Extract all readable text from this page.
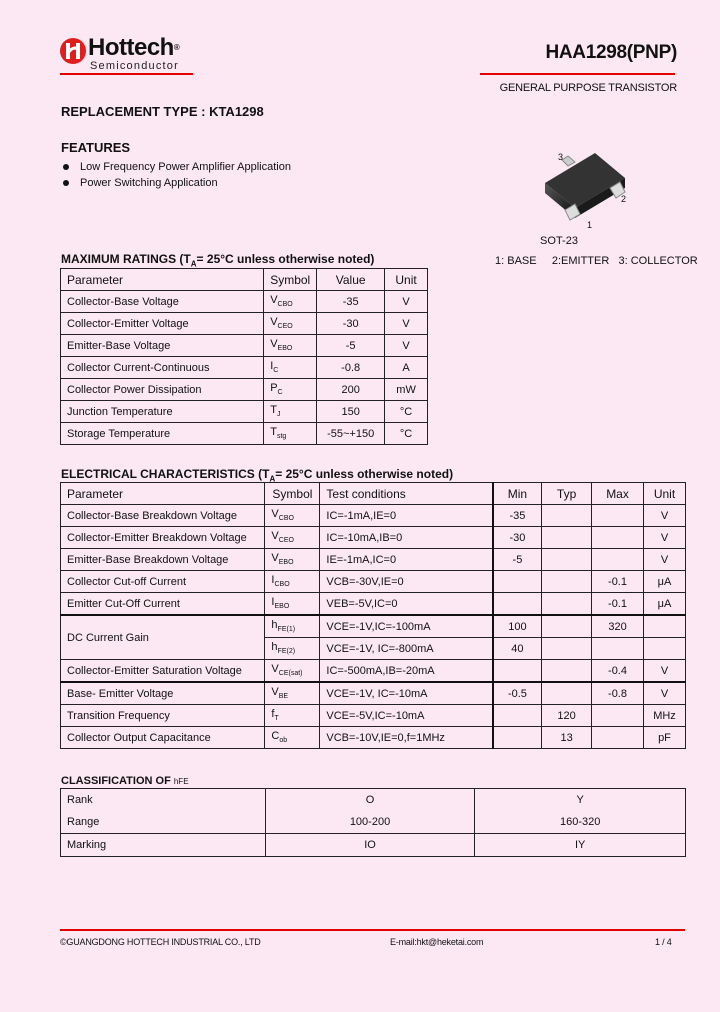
Hottech®
Semiconductor
HAA1298(PNP)
GENERAL PURPOSE TRANSISTOR
REPLACEMENT TYPE : KTA1298
FEATURES
Low Frequency Power Amplifier Application
Power Switching Application
3
2
1
SOT-23
1: BASE     2:EMITTER   3: COLLECTOR
MAXIMUM RATINGS ($T_A= 25^\circ C$ unless otherwise noted)
Parameter	Symbol	Value	Unit
Collector-Base Voltage	$V_{CBO}$	-35	V
Collector-Emitter Voltage	$V_{CEO}$	-30	V
Emitter-Base Voltage	$V_{EBO}$	-5	V
Collector Current-Continuous	$I_C$	-0.8	A
Collector Power Dissipation	$P_C$	200	mW
Junction Temperature	$T_J$	150	°C
Storage Temperature	$T_{stg}$	-55~+150	°C
ELECTRICAL CHARACTERISTICS ($T_A= 25^\circ C$ unless otherwise noted)
Parameter	Symbol	Test conditions	Min	Typ	Max	Unit
Collector-Base Breakdown Voltage	$V_{CBO}$	IC=-1mA,IE=0	-35			V
Collector-Emitter Breakdown Voltage	$V_{CEO}$	IC=-10mA,IB=0	-30			V
Emitter-Base Breakdown Voltage	$V_{EBO}$	IE=-1mA,IC=0	-5			V
Collector Cut-off Current	$I_{CBO}$	VCB=-30V,IE=0			-0.1	μA
Emitter Cut-Off Current	$I_{EBO}$	VEB=-5V,IC=0			-0.1	μA
DC Current Gain	$h_{FE(1)}$	VCE=-1V,IC=-100mA	100		320	
	$h_{FE(2)}$	VCE=-1V, IC=-800mA	40			
Collector-Emitter Saturation Voltage	$V_{CE(sat)}$	IC=-500mA,IB=-20mA			-0.4	V
Base- Emitter Voltage	$V_{BE}$	VCE=-1V, IC=-10mA	-0.5		-0.8	V
Transition Frequency	$f_T$	VCE=-5V,IC=-10mA		120		MHz
Collector Output Capacitance	$C_{ob}$	VCB=-10V,IE=0,f=1MHz		13		pF
CLASSIFICATION OF hFE
Rank	O	Y
Range	100-200	160-320
Marking	IO	IY
©GUANGDONG HOTTECH INDUSTRIAL CO., LTD	E-mail:hkt@heketai.com	1 / 4
